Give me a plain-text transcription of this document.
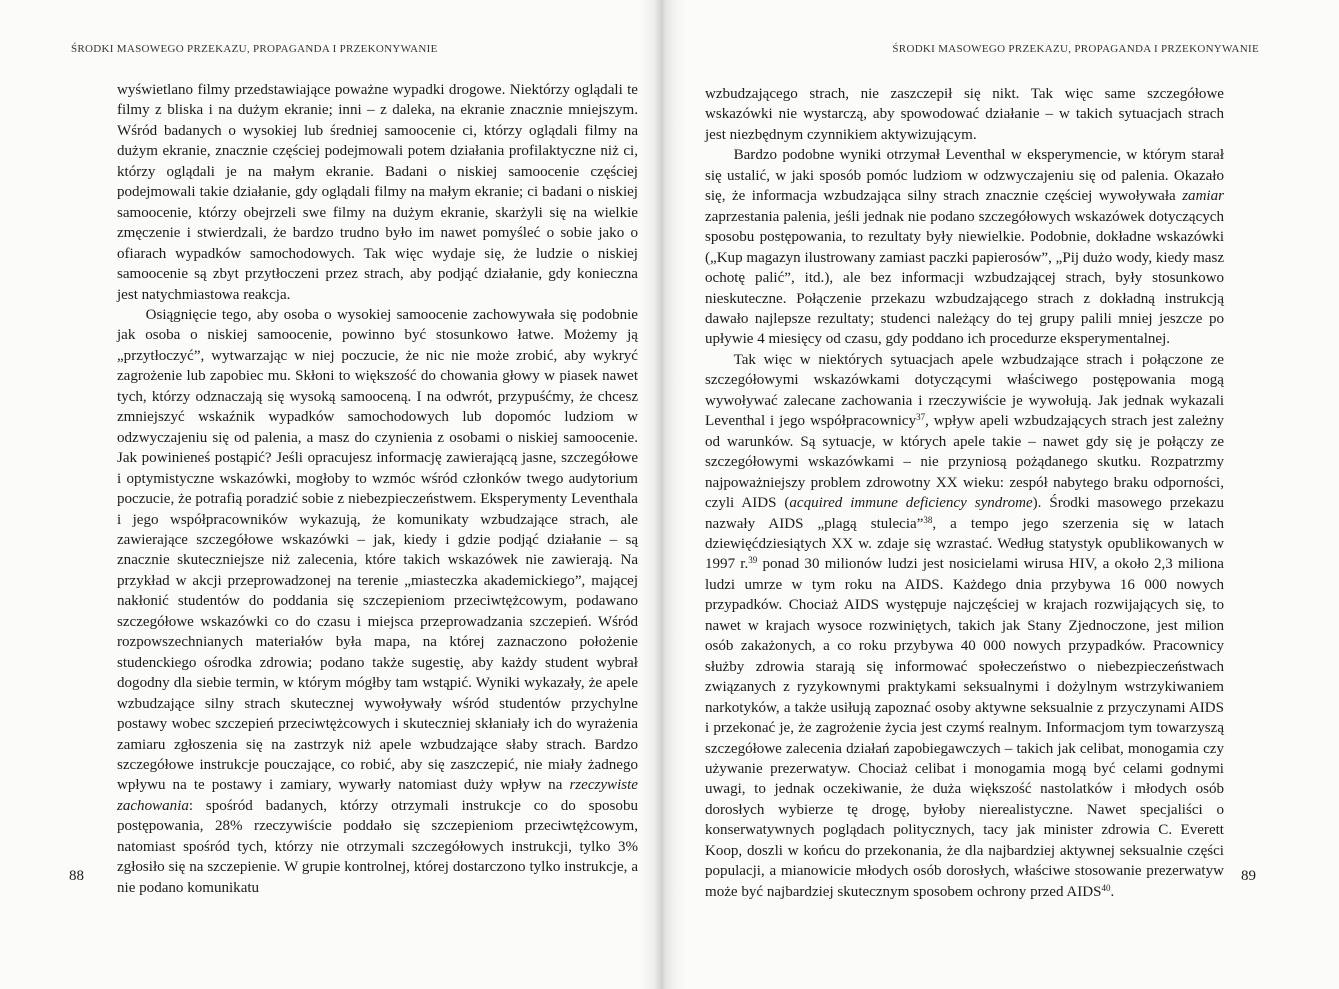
ŚRODKI MASOWEGO PRZEKAZU, PROPAGANDA I PRZEKONYWANIE

wyświetlano filmy przedstawiające poważne wypadki drogowe. Niektórzy oglądali te filmy z bliska i na dużym ekranie; inni – z daleka, na ekranie znacznie mniejszym. Wśród badanych o wysokiej lub średniej samoocenie ci, którzy oglądali filmy na dużym ekranie, znacznie częściej podejmowali potem działania profilaktyczne niż ci, którzy oglądali je na małym ekranie. Badani o niskiej samoocenie częściej podejmowali takie działanie, gdy oglądali filmy na małym ekranie; ci badani o niskiej samoocenie, którzy obejrzeli swe filmy na dużym ekranie, skarżyli się na wielkie zmęczenie i stwierdzali, że bardzo trudno było im nawet pomyśleć o sobie jako o ofiarach wypadków samochodowych. Tak więc wydaje się, że ludzie o niskiej samoocenie są zbyt przytłoczeni przez strach, aby podjąć działanie, gdy konieczna jest natychmiastowa reakcja.

Osiągnięcie tego, aby osoba o wysokiej samoocenie zachowywała się podobnie jak osoba o niskiej samoocenie, powinno być stosunkowo łatwe. Możemy ją „przytłoczyć”, wytwarzając w niej poczucie, że nic nie może zrobić, aby wykryć zagrożenie lub zapobiec mu. Skłoni to większość do chowania głowy w piasek nawet tych, którzy odznaczają się wysoką samooceną. I na odwrót, przypuśćmy, że chcesz zmniejszyć wskaźnik wypadków samochodowych lub dopomóc ludziom w odzwyczajeniu się od palenia, a masz do czynienia z osobami o niskiej samoocenie. Jak powinieneś postąpić? Jeśli opracujesz informację zawierającą jasne, szczegółowe i optymistyczne wskazówki, mogłoby to wzmóc wśród członków twego audytorium poczucie, że potrafią poradzić sobie z niebezpieczeństwem. Eksperymenty Leventhala i jego współpracowników wykazują, że komunikaty wzbudzające strach, ale zawierające szczegółowe wskazówki – jak, kiedy i gdzie podjąć działanie – są znacznie skuteczniejsze niż zalecenia, które takich wskazówek nie zawierają. Na przykład w akcji przeprowadzonej na terenie „miasteczka akademickiego”, mającej nakłonić studentów do poddania się szczepieniom przeciwtężcowym, podawano szczegółowe wskazówki co do czasu i miejsca przeprowadzania szczepień. Wśród rozpowszechnianych materiałów była mapa, na której zaznaczono położenie studenckiego ośrodka zdrowia; podano także sugestię, aby każdy student wybrał dogodny dla siebie termin, w którym mógłby tam wstąpić. Wyniki wykazały, że apele wzbudzające silny strach skutecznej wywoływały wśród studentów przychylne postawy wobec szczepień przeciwtężcowych i skuteczniej skłaniały ich do wyrażenia zamiaru zgłoszenia się na zastrzyk niż apele wzbudzające słaby strach. Bardzo szczegółowe instrukcje pouczające, co robić, aby się zaszczepić, nie miały żadnego wpływu na te postawy i zamiary, wywarły natomiast duży wpływ na rzeczywiste zachowania: spośród badanych, którzy otrzymali instrukcje co do sposobu postępowania, 28% rzeczywiście poddało się szczepieniom przeciwtężcowym, natomiast spośród tych, którzy nie otrzymali szczegółowych instrukcji, tylko 3% zgłosiło się na szczepienie. W grupie kontrolnej, której dostarczono tylko instrukcje, a nie podano komunikatu

88
ŚRODKI MASOWEGO PRZEKAZU, PROPAGANDA I PRZEKONYWANIE

wzbudzającego strach, nie zaszczepił się nikt. Tak więc same szczegółowe wskazówki nie wystarczą, aby spowodować działanie – w takich sytuacjach strach jest niezbędnym czynnikiem aktywizującym.

Bardzo podobne wyniki otrzymał Leventhal w eksperymencie, w którym starał się ustalić, w jaki sposób pomóc ludziom w odzwyczajeniu się od palenia. Okazało się, że informacja wzbudzająca silny strach znacznie częściej wywoływała zamiar zaprzestania palenia, jeśli jednak nie podano szczegółowych wskazówek dotyczących sposobu postępowania, to rezultaty były niewielkie. Podobnie, dokładne wskazówki („Kup magazyn ilustrowany zamiast paczki papierosów”, „Pij dużo wody, kiedy masz ochotę palić”, itd.), ale bez informacji wzbudzającej strach, były stosunkowo nieskuteczne. Połączenie przekazu wzbudzającego strach z dokładną instrukcją dawało najlepsze rezultaty; studenci należący do tej grupy palili mniej jeszcze po upływie 4 miesięcy od czasu, gdy poddano ich procedurze eksperymentalnej.

Tak więc w niektórych sytuacjach apele wzbudzające strach i połączone ze szczegółowymi wskazówkami dotyczącymi właściwego postępowania mogą wywoływać zalecane zachowania i rzeczywiście je wywołują. Jak jednak wykazali Leventhal i jego współpracownicy$^{37}$, wpływ apeli wzbudzających strach jest zależny od warunków. Są sytuacje, w których apele takie – nawet gdy się je połączy ze szczegółowymi wskazówkami – nie przyniosą pożądanego skutku. Rozpatrzmy najpoważniejszy problem zdrowotny XX wieku: zespół nabytego braku odporności, czyli AIDS (acquired immune deficiency syndrome). Środki masowego przekazu nazwały AIDS „plagą stulecia”$^{38}$, a tempo jego szerzenia się w latach dziewięćdziesiątych XX w. zdaje się wzrastać. Według statystyk opublikowanych w 1997 r.$^{39}$ ponad 30 milionów ludzi jest nosicielami wirusa HIV, a około 2,3 miliona ludzi umrze w tym roku na AIDS. Każdego dnia przybywa 16 000 nowych przypadków. Chociaż AIDS występuje najczęściej w krajach rozwijających się, to nawet w krajach wysoce rozwiniętych, takich jak Stany Zjednoczone, jest milion osób zakażonych, a co roku przybywa 40 000 nowych przypadków. Pracownicy służby zdrowia starają się informować społeczeństwo o niebezpieczeństwach związanych z ryzykownymi praktykami seksualnymi i dożylnym wstrzykiwaniem narkotyków, a także usiłują zapoznać osoby aktywne seksualnie z przyczynami AIDS i przekonać je, że zagrożenie życia jest czymś realnym. Informacjom tym towarzyszą szczegółowe zalecenia działań zapobiegawczych – takich jak celibat, monogamia czy używanie prezerwatyw. Chociaż celibat i monogamia mogą być celami godnymi uwagi, to jednak oczekiwanie, że duża większość nastolatków i młodych osób dorosłych wybierze tę drogę, byłoby nierealistyczne. Nawet specjaliści o konserwatywnych poglądach politycznych, tacy jak minister zdrowia C. Everett Koop, doszli w końcu do przekonania, że dla najbardziej aktywnej seksualnie części populacji, a mianowicie młodych osób dorosłych, właściwe stosowanie prezerwatyw może być najbardziej skutecznym sposobem ochrony przed AIDS$^{40}$.

89
